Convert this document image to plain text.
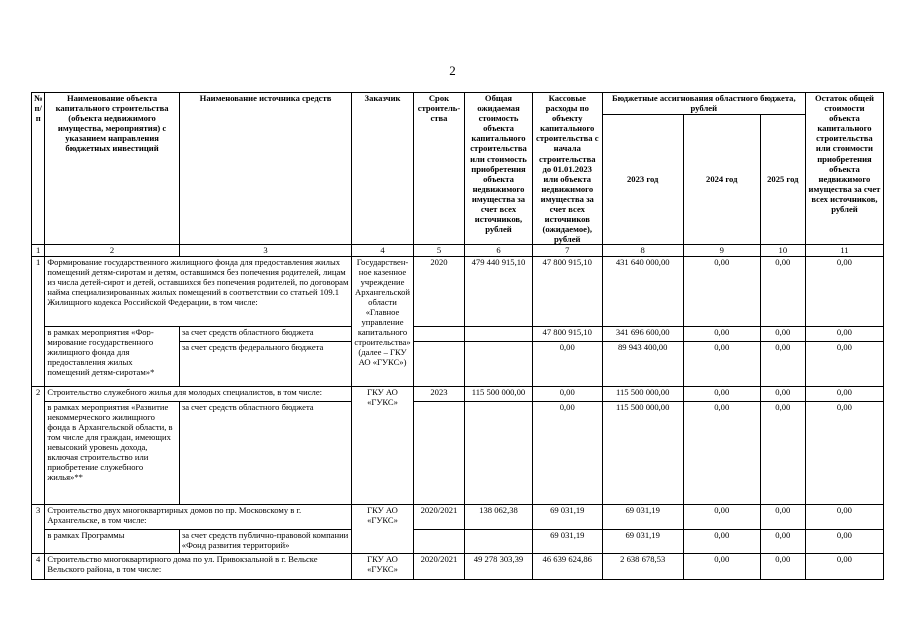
2
№ п/п	Наименование объекта капитального строительства (объекта недвижимого имущества, мероприятия) с указанием направления бюджетных инвестиций	Наименование источника средств	Заказчик	Срок строитель-ства	Общая ожидаемая стоимость объекта капитального строительства или стоимость приобретения объекта недвижимого имущества за счет всех источников, рублей	Кассовые расходы по объекту капитального строительства с начала строительства до 01.01.2023 или объекта недвижимого имущества за счет всех источников (ожидаемое), рублей	Бюджетные ассигнования областного бюджета, рублей			Остаток общей стоимости объекта капитального строительства или стоимости приобретения объекта недвижимого имущества за счет всех источников, рублей
							2023 год	2024 год	2025 год	
1	2	3	4	5	6	7	8	9	10	11
1	Формирование государственного жилищного фонда для предоставления жилых помещений детям-сиротам и детям, оставшимся без попечения родителей, лицам из числа детей-сирот и детей, оставшихся без попечения родителей, по договорам найма специализированных жилых помещений в соответствии со статьей 109.1 Жилищного кодекса Российской Федерации, в том числе:		Государствен-ное казенное учреждение Архангельской области «Главное управление капитального строительства» (далее – ГКУ АО «ГУКС»)	2020	479 440 915,10	47 800 915,10	431 640 000,00	0,00	0,00	0,00
	в рамках мероприятия «Фор-мирование государственного жилищного фонда для предоставления жилых помещений детям-сиротам»*	за счет средств областного бюджета				47 800 915,10	341 696 600,00	0,00	0,00	0,00
		за счет средств федерального бюджета				0,00	89 943 400,00	0,00	0,00	0,00
2	Строительство служебного жилья для молодых специалистов, в том числе:		ГКУ АО «ГУКС»	2023	115 500 000,00	0,00	115 500 000,00	0,00	0,00	0,00
	в рамках мероприятия «Развитие некоммерческого жилищного фонда в Архангельской области, в том числе для граждан, имеющих невысокий уровень дохода, включая строительство или приобретение служебного жилья»**	за счет средств областного бюджета				0,00	115 500 000,00	0,00	0,00	0,00
3	Строительство двух многоквартирных домов по пр. Московскому в г. Архангельске, в том числе:		ГКУ АО «ГУКС»	2020/2021	138 062,38	69 031,19	69 031,19	0,00	0,00	0,00
	в рамках Программы	за счет средств публично-правовой компании «Фонд развития территорий»				69 031,19	69 031,19	0,00	0,00	0,00
4	Строительство многоквартирного дома по ул. Привокзальной в г. Вельске Вельского района, в том числе:		ГКУ АО «ГУКС»	2020/2021	49 278 303,39	46 639 624,86	2 638 678,53	0,00	0,00	0,00
